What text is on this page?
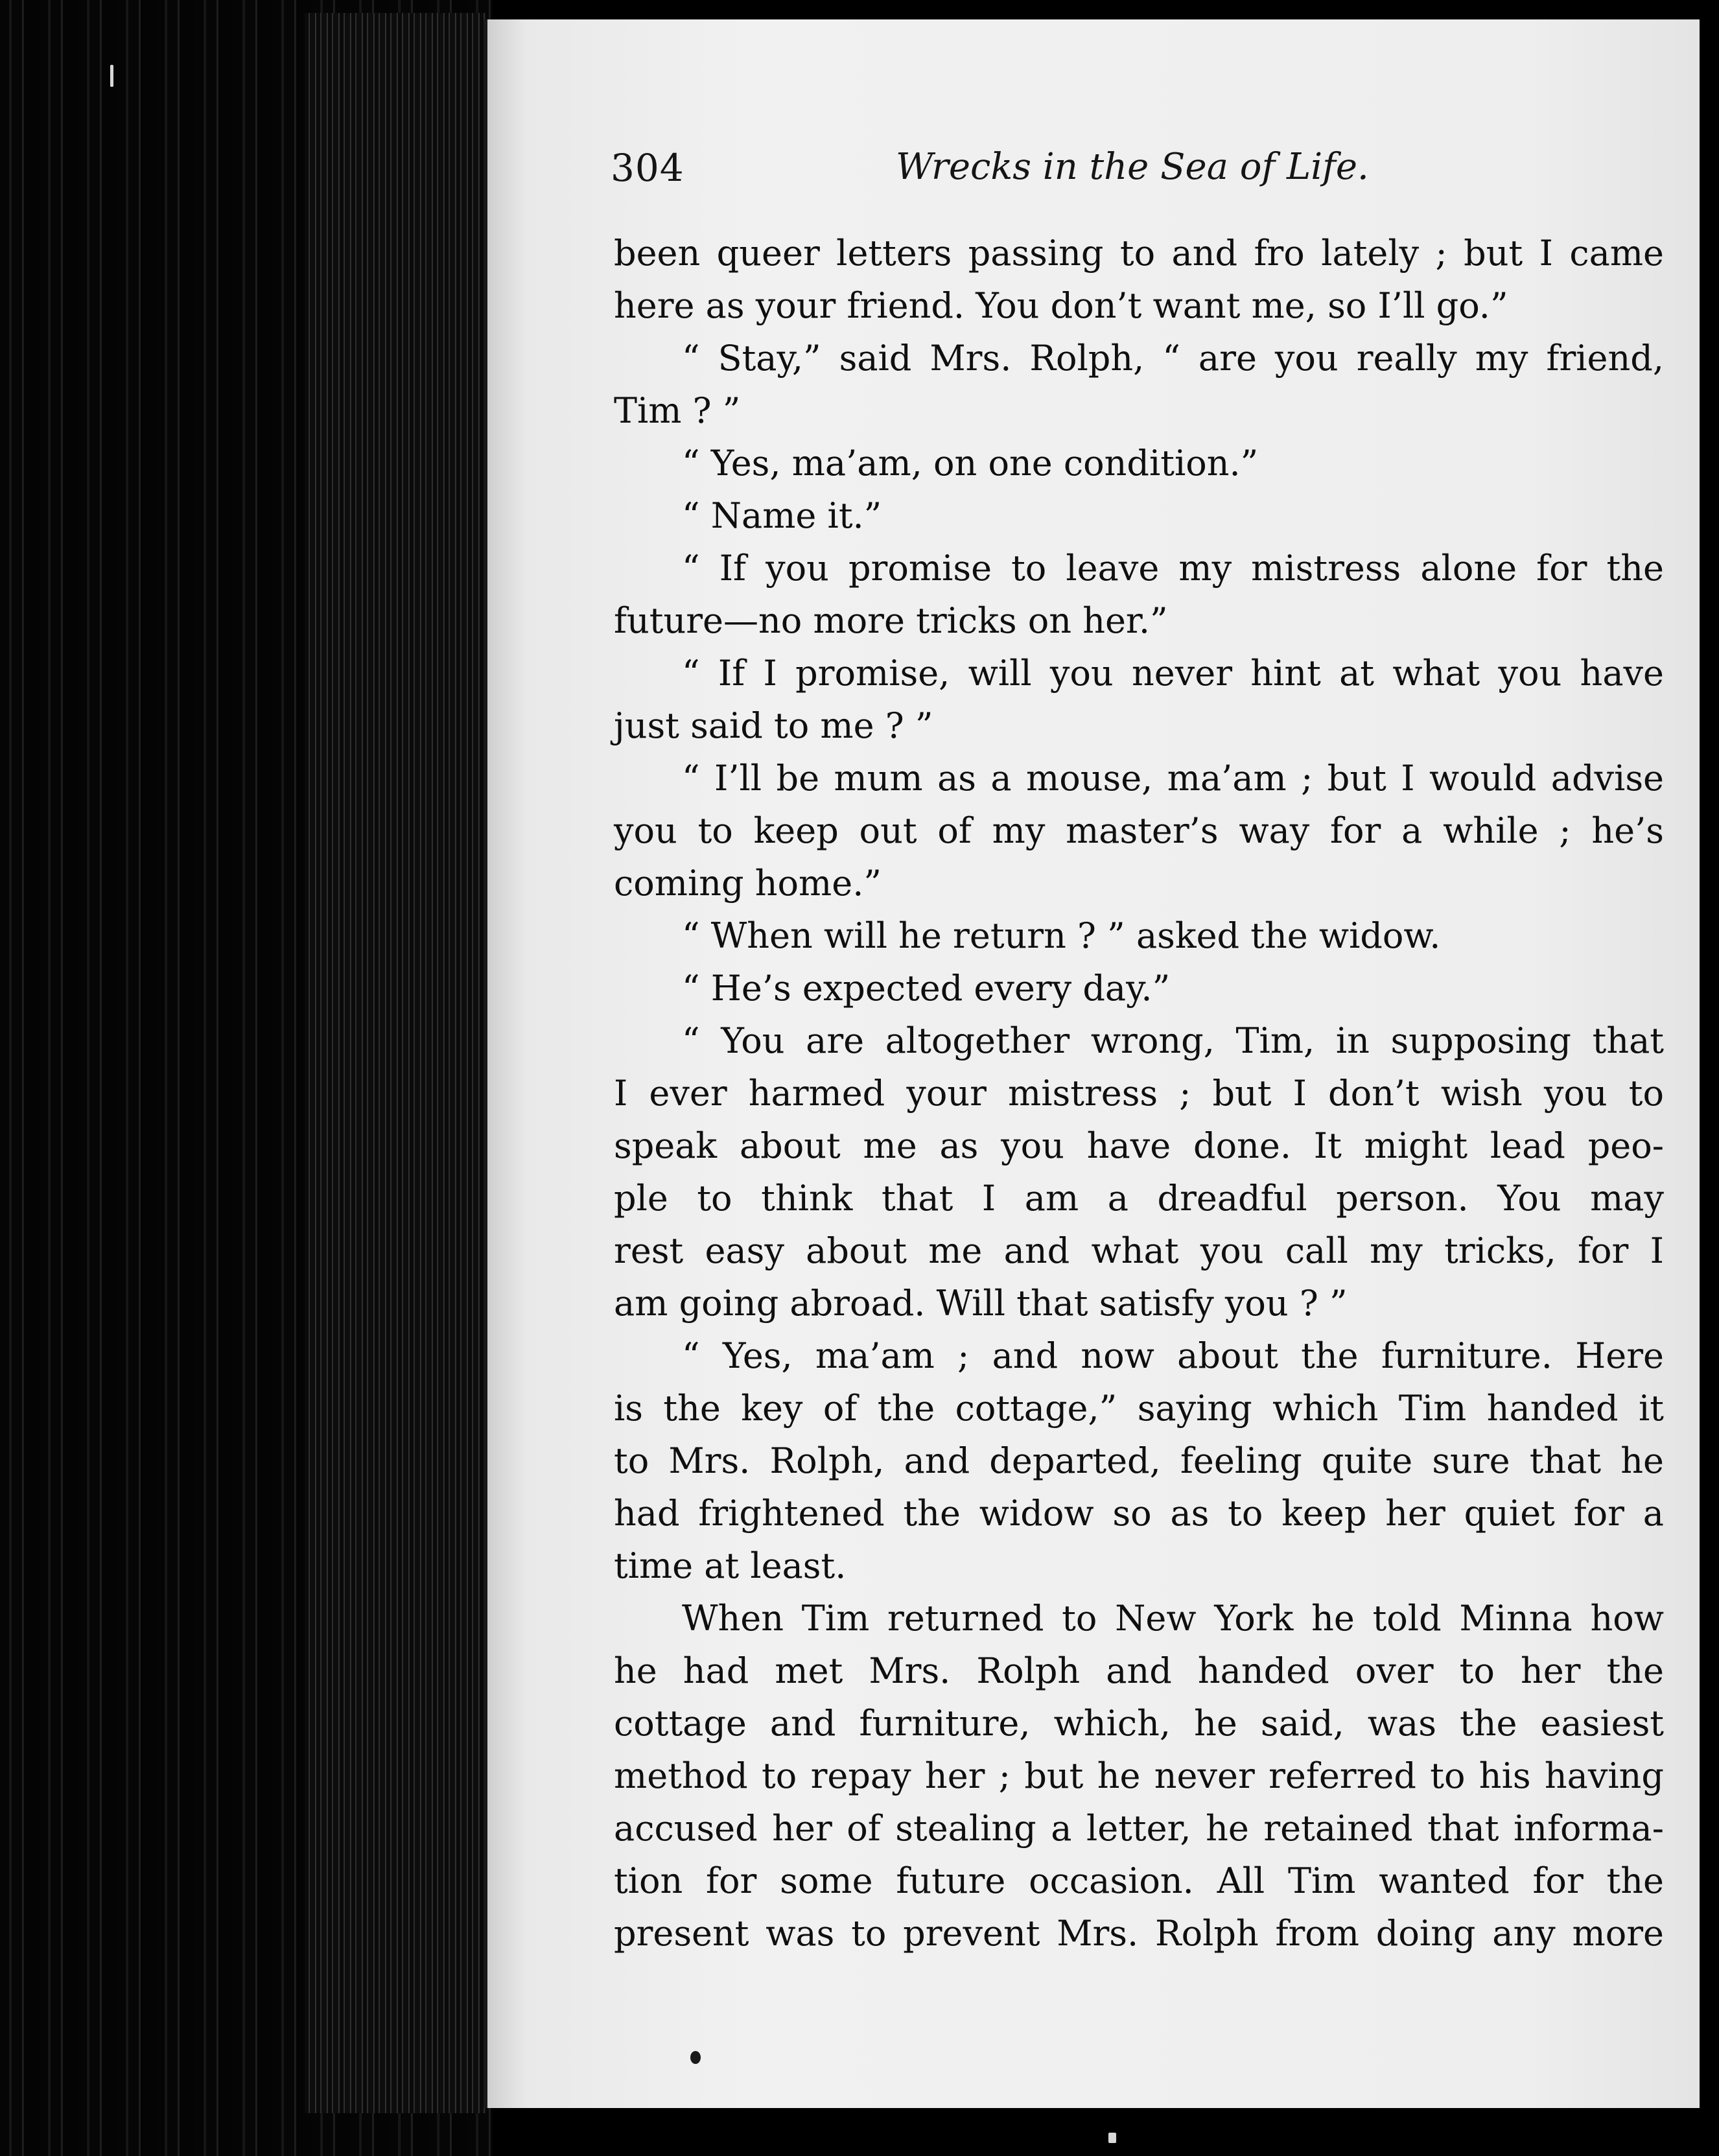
304	Wrecks in the Sea of Life.
been queer letters passing to and fro lately ; but I came
here as your friend. You don’t want me, so I’ll go.”
“ Stay,” said Mrs. Rolph, “ are you really my friend,
Tim ? ”
“ Yes, ma’am, on one condition.”
“ Name it.”
“ If you promise to leave my mistress alone for the
future—no more tricks on her.”
“ If I promise, will you never hint at what you have
just said to me ? ”
“ I’ll be mum as a mouse, ma’am ; but I would advise
you to keep out of my master’s way for a while ; he’s
coming home.”
“ When will he return ? ” asked the widow.
“ He’s expected every day.”
“ You are altogether wrong, Tim, in supposing that
I ever harmed your mistress ; but I don’t wish you to
speak about me as you have done. It might lead peo-
ple to think that I am a dreadful person. You may
rest easy about me and what you call my tricks, for I
am going abroad. Will that satisfy you ? ”
“ Yes, ma’am ; and now about the furniture. Here
is the key of the cottage,” saying which Tim handed it
to Mrs. Rolph, and departed, feeling quite sure that he
had frightened the widow so as to keep her quiet for a
time at least.
When Tim returned to New York he told Minna how
he had met Mrs. Rolph and handed over to her the
cottage and furniture, which, he said, was the easiest
method to repay her ; but he never referred to his having
accused her of stealing a letter, he retained that informa-
tion for some future occasion. All Tim wanted for the
present was to prevent Mrs. Rolph from doing any more
